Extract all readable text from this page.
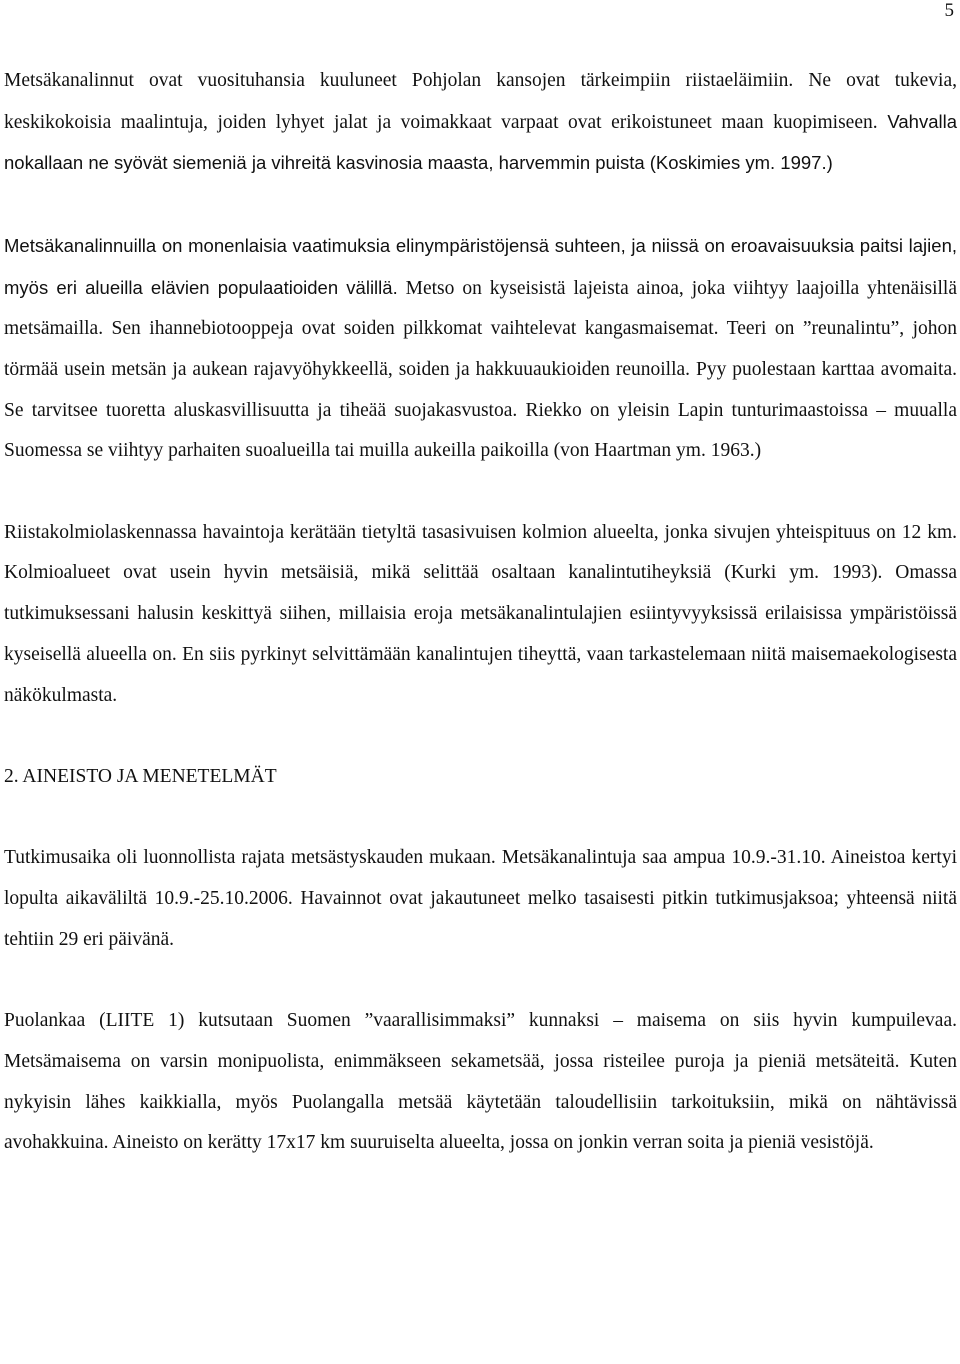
5

Metsäkanalinnut ovat vuosituhansia kuuluneet Pohjolan kansojen tärkeimpiin riistaeläimiin. Ne ovat tukevia, keskikokoisia maalintuja, joiden lyhyet jalat ja voimakkaat varpaat ovat erikoistuneet maan kuopimiseen. Vahvalla nokallaan ne syövät siemeniä ja vihreitä kasvinosia maasta, harvemmin puista (Koskimies ym. 1997.)

Metsäkanalinnuilla on monenlaisia vaatimuksia elinympäristöjensä suhteen, ja niissä on eroavaisuuksia paitsi lajien, myös eri alueilla elävien populaatioiden välillä. Metso on kyseisistä lajeista ainoa, joka viihtyy laajoilla yhtenäisillä metsämailla. Sen ihannebiotooppeja ovat soiden pilkkomat vaihtelevat kangasmaisemat. Teeri on ”reunalintu”, johon törmää usein metsän ja aukean rajavyöhykkeellä, soiden ja hakkuuaukioiden reunoilla. Pyy puolestaan karttaa avomaita. Se tarvitsee tuoretta aluskasvillisuutta ja tiheää suojakasvustoa. Riekko on yleisin Lapin tunturimaastoissa – muualla Suomessa se viihtyy parhaiten suoalueilla tai muilla aukeilla paikoilla (von Haartman ym. 1963.)

Riistakolmiolaskennassa havaintoja kerätään tietyltä tasasivuisen kolmion alueelta, jonka sivujen yhteispituus on 12 km. Kolmioalueet ovat usein hyvin metsäisiä, mikä selittää osaltaan kanalintutiheyksiä (Kurki ym. 1993). Omassa tutkimuksessani halusin keskittyä siihen, millaisia eroja metsäkanalintulajien esiintyvyyksissä erilaisissa ympäristöissä kyseisellä alueella on. En siis pyrkinyt selvittämään kanalintujen tiheyttä, vaan tarkastelemaan niitä maisemaekologisesta näkökulmasta.

2. AINEISTO JA MENETELMÄT

Tutkimusaika oli luonnollista rajata metsästyskauden mukaan. Metsäkanalintuja saa ampua 10.9.-31.10. Aineistoa kertyi lopulta aikaväliltä 10.9.-25.10.2006. Havainnot ovat jakautuneet melko tasaisesti pitkin tutkimusjaksoa; yhteensä niitä tehtiin 29 eri päivänä.

Puolankaa (LIITE 1) kutsutaan Suomen ”vaarallisimmaksi” kunnaksi – maisema on siis hyvin kumpuilevaa. Metsämaisema on varsin monipuolista, enimmäkseen sekametsää, jossa risteilee puroja ja pieniä metsäteitä. Kuten nykyisin lähes kaikkialla, myös Puolangalla metsää käytetään taloudellisiin tarkoituksiin, mikä on nähtävissä avohakkuina. Aineisto on kerätty 17x17 km suuruiselta alueelta, jossa on jonkin verran soita ja pieniä vesistöjä.
